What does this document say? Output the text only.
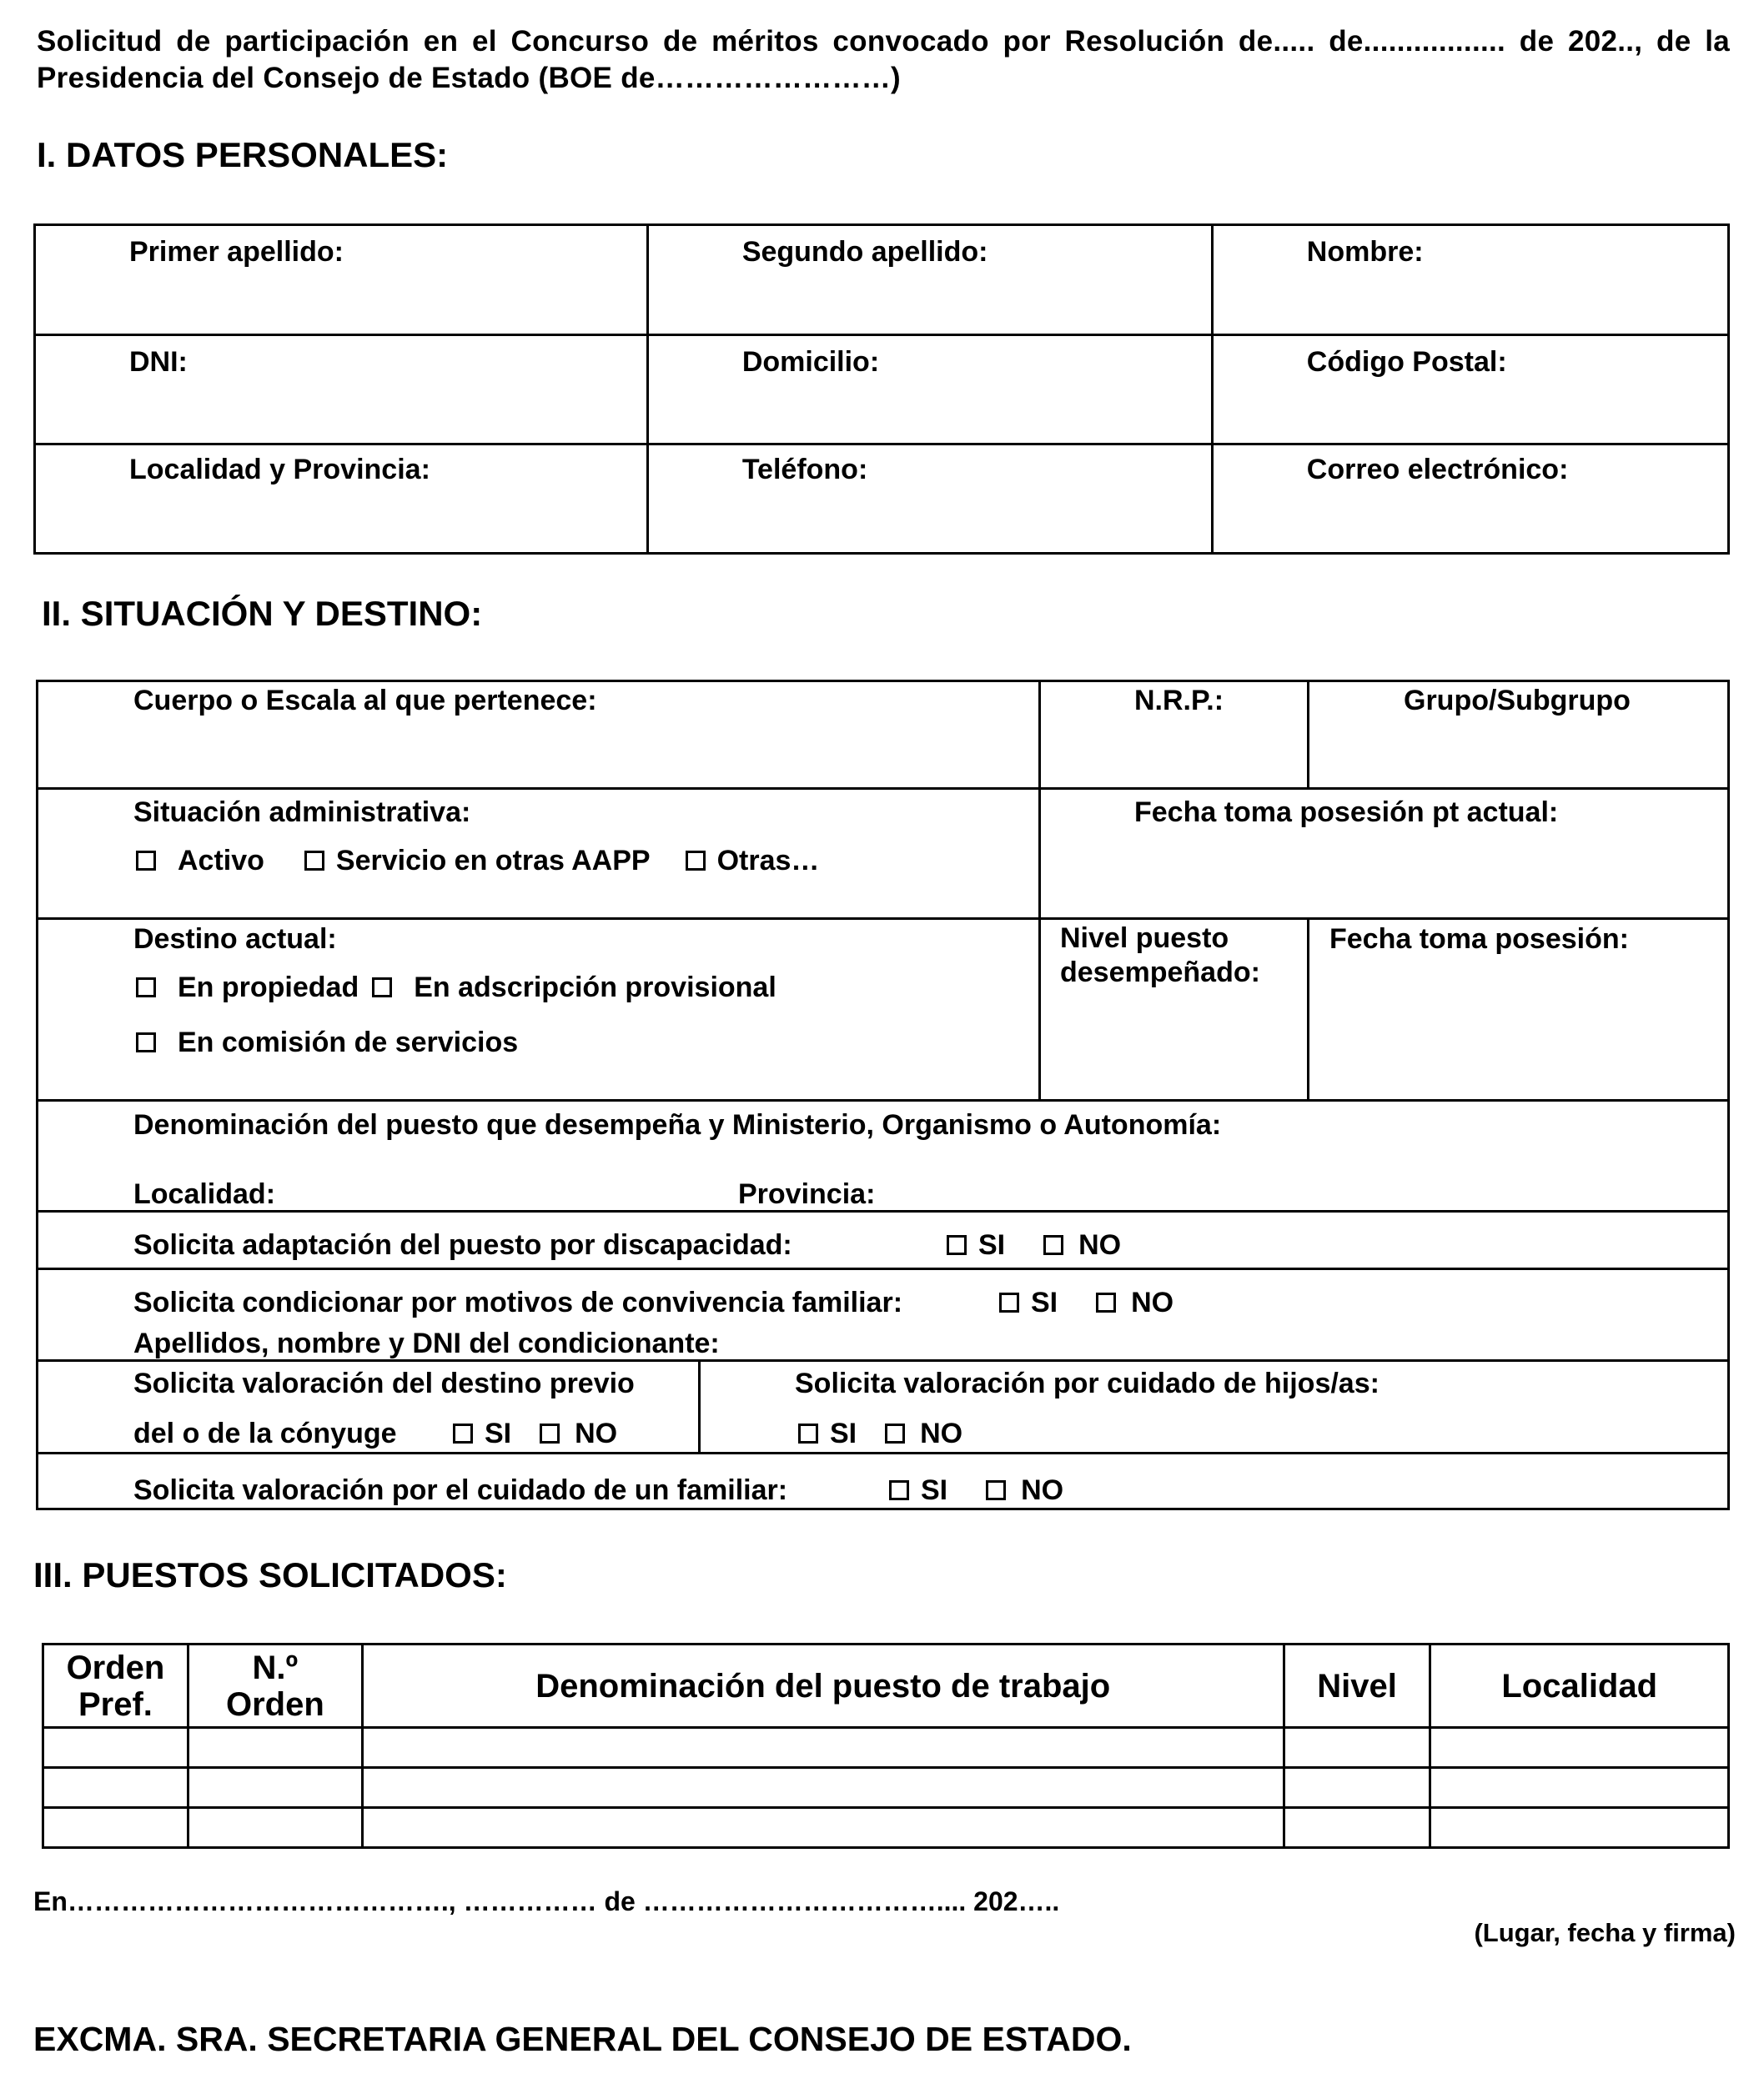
Solicitud de participación en el Concurso de méritos convocado por Resolución de..... de................. de 202.., de la Presidencia del Consejo de Estado (BOE de……………………)
I. DATOS PERSONALES:
Primer apellido:	Segundo apellido:	Nombre:

DNI:	Domicilio:	Código Postal:

Localidad y Provincia:	Teléfono:	Correo electrónico:
II. SITUACIÓN Y DESTINO:
Cuerpo o Escala al que pertenece:	N.R.P.:	Grupo/Subgrupo
Situación administrativa:
Activo	Servicio en otras AAPP Otras…
Fecha toma posesión pt actual:
Destino actual:
En propiedad En adscripción provisional
En comisión de servicios
Nivel puesto desempeñado:
Fecha toma posesión:
Denominación del puesto que desempeña y Ministerio, Organismo o Autonomía:
Localidad:	Provincia:
Solicita adaptación del puesto por discapacidad:	SI	NO
Solicita condicionar por motivos de convivencia familiar:	SI	NO
Apellidos, nombre y DNI del condicionante:
Solicita valoración del destino previo
del o de la cónyuge	SI NO
Solicita valoración por cuidado de hijos/as:
SI NO
Solicita valoración por el cuidado de un familiar:	SI	NO
III. PUESTOS SOLICITADOS:
Orden Pref.	N.º Orden	Denominación del puesto de trabajo	Nivel	Localidad

En……………………………………., …………… de …………………………….... 202…..
(Lugar, fecha y firma)
EXCMA. SRA. SECRETARIA GENERAL DEL CONSEJO DE ESTADO.
